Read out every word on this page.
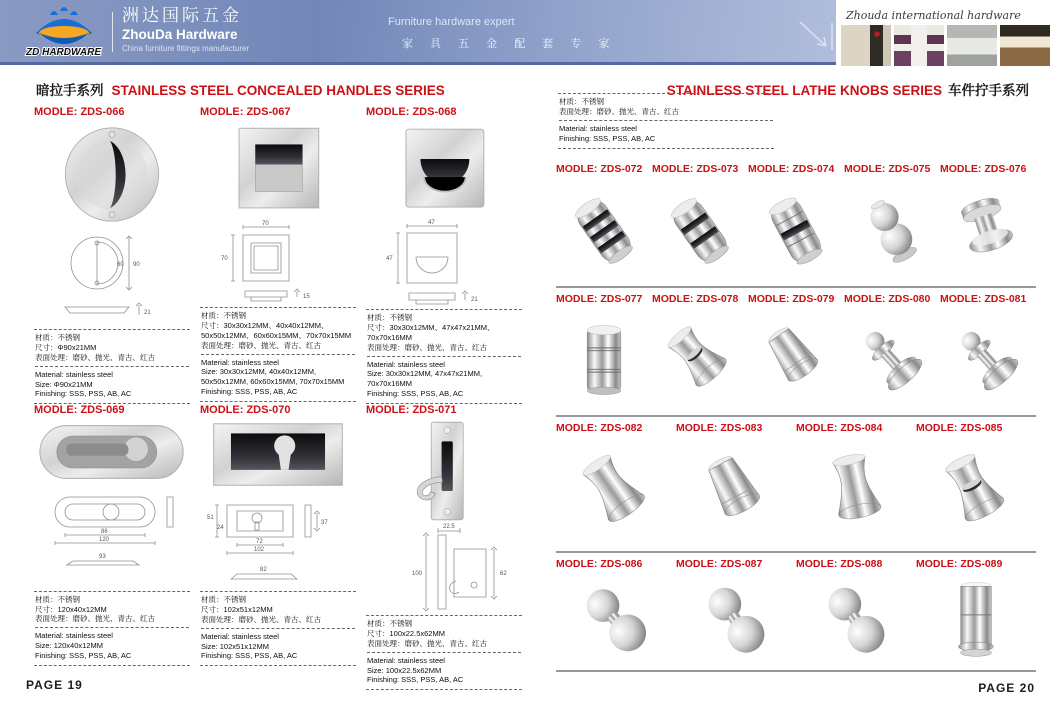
ZD HARDWARE
洲达国际五金
ZhouDa Hardware
China furniture fittings manufacturer
Furniture hardware expert
家 具 五 金 配 套 专 家
Zhouda international hardware
暗拉手系列 STAINLESS STEEL CONCEALED HANDLES SERIES	STAINLESS STEEL LATHE KNOBS SERIES 车件拧手系列
MODLE: ZDS-066
60 90
21
材质：不锈钢
尺寸：Φ90x21MM
表面处理：磨砂、抛光、青古、红古
Material: stainless steel
Size: Φ90x21MM
Finishing: SSS, PSS, AB, AC
MODLE: ZDS-067
70
70
15
材质：不锈钢
尺寸：30x30x12MM、40x40x12MM、50x50x12MM、60x60x15MM、70x70x15MM
表面处理：磨砂、抛光、青古、红古
Material: stainless steel
Size: 30x30x12MM, 40x40x12MM, 50x50x12MM, 60x60x15MM, 70x70x15MM
Finishing: SSS, PSS, AB, AC
MODLE: ZDS-068
47
47
21
材质：不锈钢
尺寸：30x30x12MM、47x47x21MM、70x70x16MM
表面处理：磨砂、抛光、青古、红古
Material: stainless steel
Size: 30x30x12MM, 47x47x21MM, 70x70x16MM
Finishing: SSS, PSS, AB, AC
MODLE: ZDS-069
86
120
93
材质：不锈钢
尺寸：120x40x12MM
表面处理：磨砂、抛光、青古、红古
Material: stainless steel
Size: 120x40x12MM
Finishing: SSS, PSS, AB, AC
MODLE: ZDS-070
51
24
72
102
37
82
材质：不锈钢
尺寸：102x51x12MM
表面处理：磨砂、抛光、青古、红古
Material: stainless steel
Size: 102x51x12MM
Finishing: SSS, PSS, AB, AC
MODLE: ZDS-071
22.5
100	62
材质：不锈钢
尺寸：100x22.5x62MM
表面处理：磨砂、抛光、青古、红古
Material: stainless steel
Size: 100x22.5x62MM
Finishing: SSS, PSS, AB, AC
材质：不锈钢
表面处理：磨砂、抛光、青古、红古
Material: stainless steel
Finishing: SSS, PSS, AB, AC
MODLE: ZDS-072 MODLE: ZDS-073 MODLE: ZDS-074 MODLE: ZDS-075 MODLE: ZDS-076
MODLE: ZDS-077 MODLE: ZDS-078 MODLE: ZDS-079 MODLE: ZDS-080 MODLE: ZDS-081
MODLE: ZDS-082	MODLE: ZDS-083	MODLE: ZDS-084	MODLE: ZDS-085
MODLE: ZDS-086	MODLE: ZDS-087	MODLE: ZDS-088	MODLE: ZDS-089
PAGE 19	PAGE 20
